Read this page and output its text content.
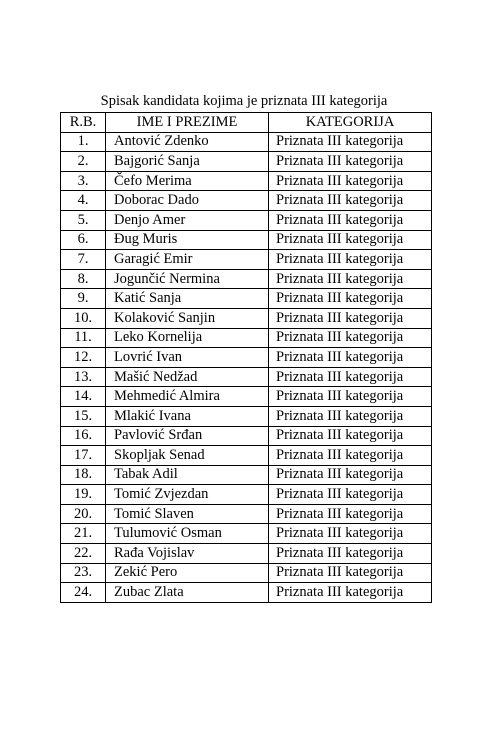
Spisak kandidata kojima je priznata III kategorija
R.B.	IME I PREZIME	KATEGORIJA
1.	Antović Zdenko	Priznata III kategorija
2.	Bajgorić Sanja	Priznata III kategorija
3.	Čefo Merima	Priznata III kategorija
4.	Doborac Dado	Priznata III kategorija
5.	Denjo Amer	Priznata III kategorija
6.	Đug Muris	Priznata III kategorija
7.	Garagić Emir	Priznata III kategorija
8.	Jogunčić Nermina	Priznata III kategorija
9.	Katić Sanja	Priznata III kategorija
10.	Kolaković Sanjin	Priznata III kategorija
11.	Leko Kornelija	Priznata III kategorija
12.	Lovrić Ivan	Priznata III kategorija
13.	Mašić Nedžad	Priznata III kategorija
14.	Mehmedić Almira	Priznata III kategorija
15.	Mlakić Ivana	Priznata III kategorija
16.	Pavlović Srđan	Priznata III kategorija
17.	Skopljak Senad	Priznata III kategorija
18.	Tabak Adil	Priznata III kategorija
19.	Tomić Zvjezdan	Priznata III kategorija
20.	Tomić Slaven	Priznata III kategorija
21.	Tulumović Osman	Priznata III kategorija
22.	Rađa Vojislav	Priznata III kategorija
23.	Zekić Pero	Priznata III kategorija
24.	Zubac Zlata	Priznata III kategorija
